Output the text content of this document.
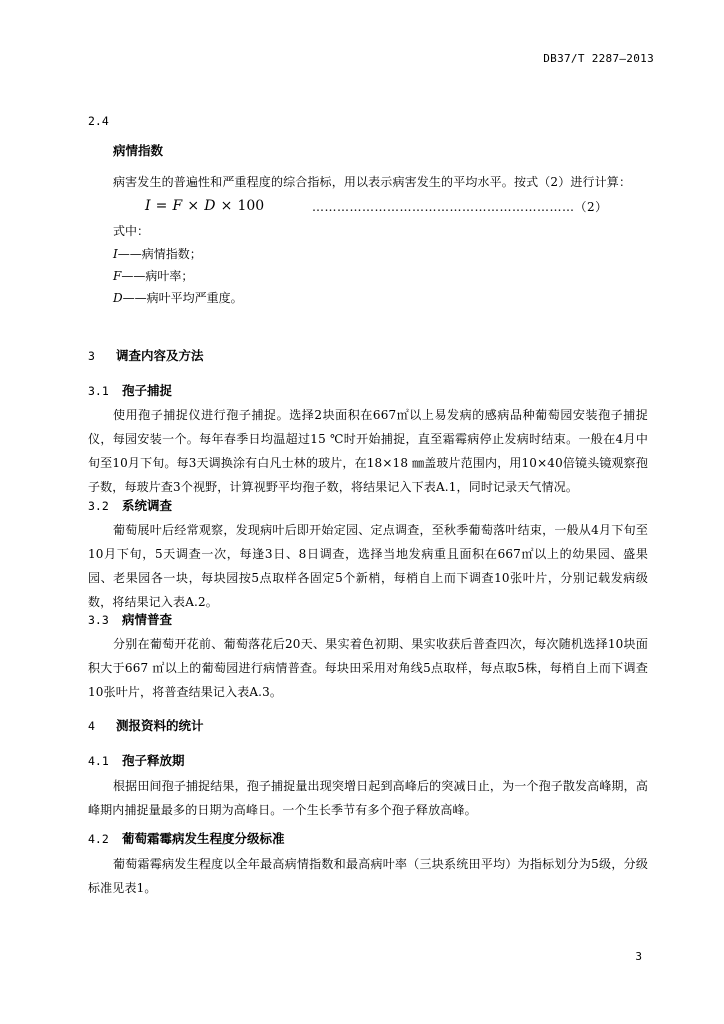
DB37/T 2287—2013
2.4
病情指数
病害发生的普遍性和严重程度的综合指标，用以表示病害发生的平均水平。按式（2）进行计算：
I = F × D × 100	………………………………………………………（2）
式中：
I——病情指数；
F——病叶率；
D——病叶平均严重度。
3 调查内容及方法
3.1 孢子捕捉
使用孢子捕捉仪进行孢子捕捉。选择2块面积在667㎡以上易发病的感病品种葡萄园安装孢子捕捉仪，每园安装一个。每年春季日均温超过15 ℃时开始捕捉，直至霜霉病停止发病时结束。一般在4月中旬至10月下旬。每3天调换涂有白凡士林的玻片，在18×18 ㎜盖玻片范围内，用10×40倍镜头镜观察孢子数，每玻片查3个视野，计算视野平均孢子数，将结果记入下表A.1，同时记录天气情况。
3.2 系统调查
葡萄展叶后经常观察，发现病叶后即开始定园、定点调查，至秋季葡萄落叶结束，一般从4月下旬至10月下旬，5天调查一次，每逢3日、8日调查，选择当地发病重且面积在667㎡以上的幼果园、盛果园、老果园各一块，每块园按5点取样各固定5个新梢，每梢自上而下调查10张叶片，分别记载发病级数，将结果记入表A.2。
3.3 病情普查
分别在葡萄开花前、葡萄落花后20天、果实着色初期、果实收获后普查四次，每次随机选择10块面积大于667 ㎡以上的葡萄园进行病情普查。每块田采用对角线5点取样，每点取5株，每梢自上而下调查10张叶片，将普查结果记入表A.3。
4 测报资料的统计
4.1 孢子释放期
根据田间孢子捕捉结果，孢子捕捉量出现突增日起到高峰后的突减日止，为一个孢子散发高峰期，高峰期内捕捉量最多的日期为高峰日。一个生长季节有多个孢子释放高峰。
4.2 葡萄霜霉病发生程度分级标准
葡萄霜霉病发生程度以全年最高病情指数和最高病叶率（三块系统田平均）为指标划分为5级，分级标准见表1。
3
